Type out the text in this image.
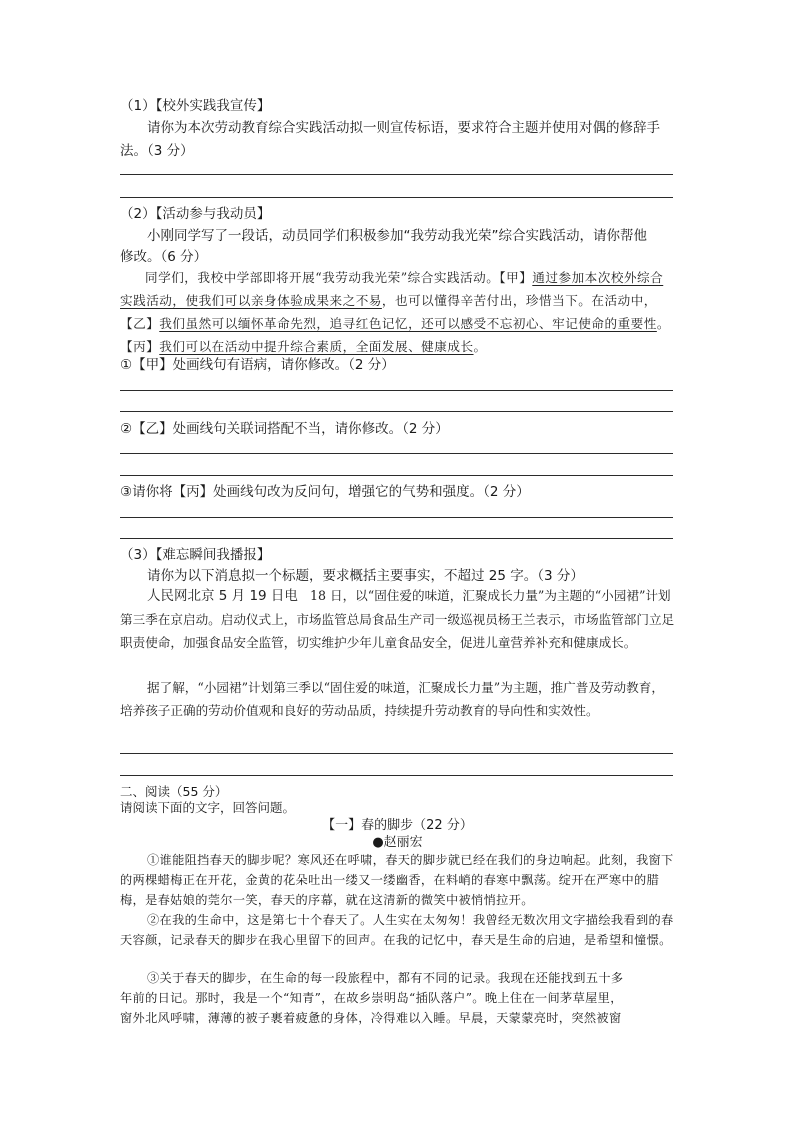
（1）【校外实践我宣传】
请你为本次劳动教育综合实践活动拟一则宣传标语，要求符合主题并使用对偶的修辞手
法。（3 分）
（2）【活动参与我动员】
小刚同学写了一段话，动员同学们积极参加“我劳动我光荣”综合实践活动，请你帮他
修改。（6 分）
同学们，我校中学部即将开展“我劳动我光荣”综合实践活动。【甲】通过参加本次校外综合实践活动，使我们可以亲身体验成果来之不易，也可以懂得辛苦付出，珍惜当下。在活动中，【乙】我们虽然可以缅怀革命先烈，追寻红色记忆，还可以感受不忘初心、牢记使命的重要性。【丙】我们可以在活动中提升综合素质，全面发展、健康成长。
①【甲】处画线句有语病，请你修改。（2 分）
②【乙】处画线句关联词搭配不当，请你修改。（2 分）
③请你将【丙】处画线句改为反问句，增强它的气势和强度。（2 分）
（3）【难忘瞬间我播报】
请你为以下消息拟一个标题，要求概括主要事实，不超过 25 字。（3 分）
人民网北京 5 月 19 日电 18 日，以“固住爱的味道，汇聚成长力量”为主题的“小园裙”计划第三季在京启动。启动仪式上，市场监管总局食品生产司一级巡视员杨王兰表示，市场监管部门立足职责使命，加强食品安全监管，切实维护少年儿童食品安全，促进儿童营养补充和健康成长。
据了解，“小园裙”计划第三季以“固住爱的味道，汇聚成长力量”为主题，推广普及劳动教育，培养孩子正确的劳动价值观和良好的劳动品质，持续提升劳动教育的导向性和实效性。
二、阅读（55 分）
请阅读下面的文字，回答问题。
【一】春的脚步（22 分）
●赵丽宏
①谁能阻挡春天的脚步呢？寒风还在呼啸，春天的脚步就已经在我们的身边响起。此刻，我窗下的两棵蜡梅正在开花，金黄的花朵吐出一缕又一缕幽香，在料峭的春寒中飘荡。绽开在严寒中的腊梅，是春姑娘的莞尔一笑，春天的序幕，就在这清新的微笑中被悄悄拉开。
②在我的生命中，这是第七十个春天了。人生实在太匆匆！我曾经无数次用文字描绘我看到的春天容颜，记录春天的脚步在我心里留下的回声。在我的记忆中，春天是生命的启迪，是希望和憧憬。
③关于春天的脚步，在生命的每一段旅程中，都有不同的记录。我现在还能找到五十多
年前的日记。那时，我是一个“知青”，在故乡崇明岛“插队落户”。晚上住在一间茅草屋里，
窗外北风呼啸，薄薄的被子裹着疲惫的身体，冷得难以入睡。早晨，天蒙蒙亮时，突然被窗
